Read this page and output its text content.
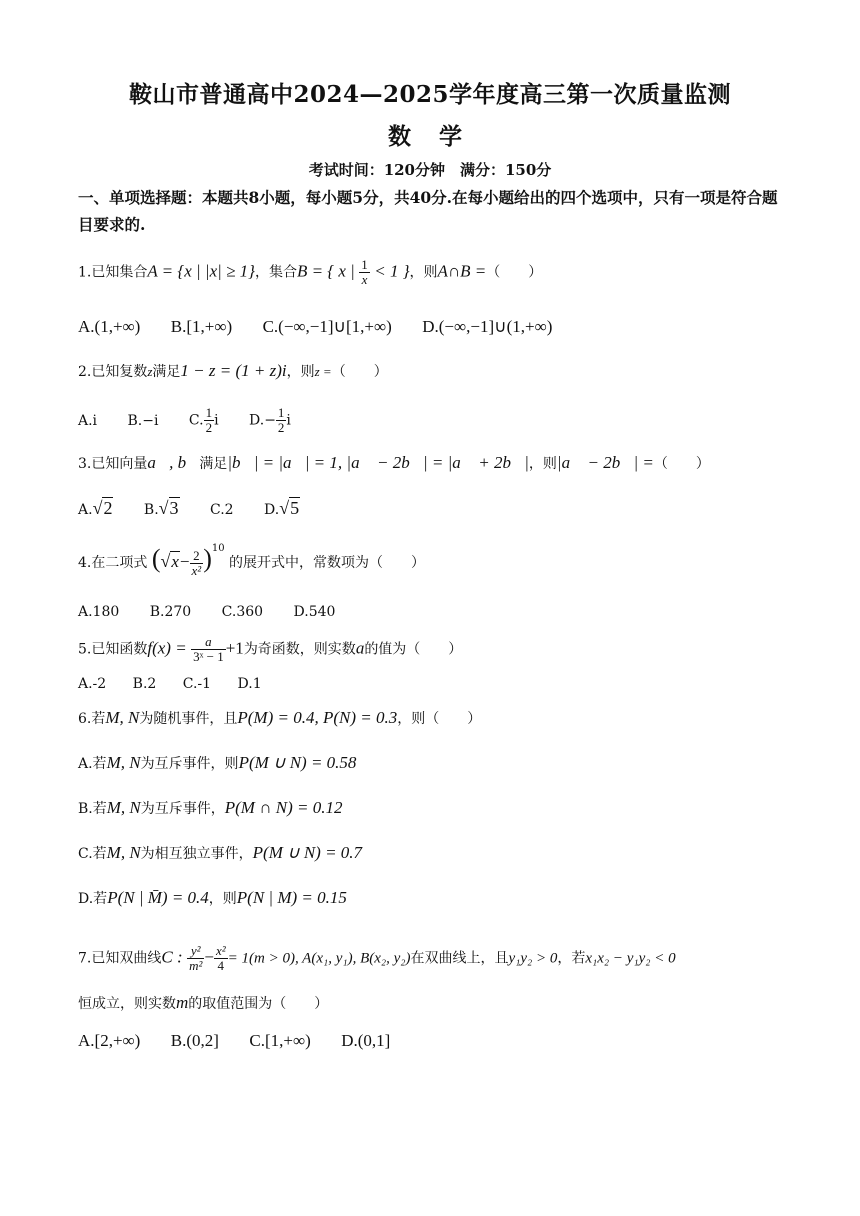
鞍山市普通高中2024—2025学年度高三第一次质量监测
数 学
考试时间：120分钟　满分：150分
一、单项选择题：本题共8小题，每小题5分，共40分.在每小题给出的四个选项中，只有一项是符合题目要求的.
1.已知集合A = {x | |x| ≥ 1}，集合B = { x | $\frac{1}{x} < 1$ }，则A∩B =（　　）
A.(1,+∞) B.[1,+∞) C.(−∞,−1]∪[1,+∞) D.(−∞,−1]∪(1,+∞)
2.已知复数z满足1 − z = (1 + z)i，则z =（　　）
A.i B.−i C. $\frac{1}{2}$ i $D.- \frac{1}{2}$ i
3.已知向量a⃗, b⃗满足|b⃗| = |a⃗| = 1, |a⃗ − 2b⃗| = |a⃗ + 2b⃗|，则|a⃗ − 2b⃗| =（　　）
A.√2 B.√3 C.2 D.√5
4.在二项式 $(√x- \frac{2}{\text{x²}} )^{10}$ 的展开式中，常数项为（　　）
A.180 B.270 C.360 D.540
5.已知函数$f(x) = \frac{a}{\text{3ˣ − 1}} +1$为奇函数，则实数a的值为（　　）
A.-2 B.2 C.-1 D.1
6.若M, N为随机事件，且P(M) = 0.4, P(N) = 0.3，则（　　）
A.若M, N为互斥事件，则P(M ∪ N) = 0.58
B.若M, N为互斥事件，P(M ∩ N) = 0.12
C.若M, N为相互独立事件，P(M ∪ N) = 0.7
D.若P(N | M̄) = 0.4，则P(N | M) = 0.15
7.已知双曲线C : $\frac{\text{y²}}{\text{m²}} - \frac{\text{x²}}{4} = 1(m > 0)$, A(x₁, y₁), B(x₂, y₂)在双曲线上，且y₁y₂ > 0，若x₁x₂ − y₁y₂ < 0
恒成立，则实数m的取值范围为（　　）
A.[2,+∞) B.(0,2] C.[1,+∞) D.(0,1]
